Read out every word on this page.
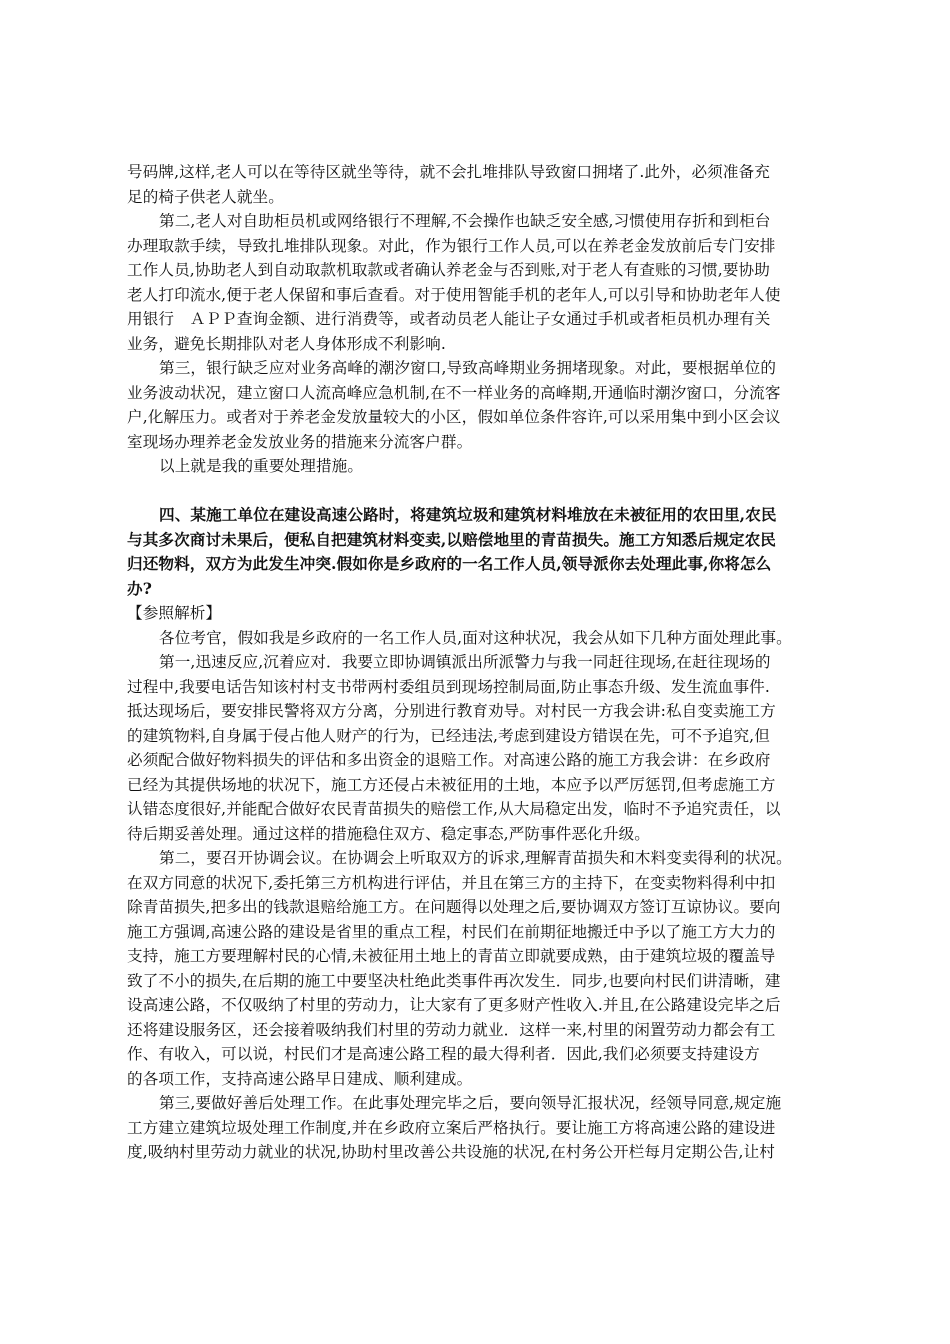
号码牌,这样,老人可以在等待区就坐等待，就不会扎堆排队导致窗口拥堵了.此外，必须准备充
足的椅子供老人就坐。
第二,老人对自助柜员机或网络银行不理解,不会操作也缺乏安全感,习惯使用存折和到柜台
办理取款手续，导致扎堆排队现象。对此，作为银行工作人员,可以在养老金发放前后专门安排
工作人员,协助老人到自动取款机取款或者确认养老金与否到账,对于老人有查账的习惯,要协助
老人打印流水,便于老人保留和事后查看。对于使用智能手机的老年人,可以引导和协助老年人使
用银行　ＡＰＰ查询金额、进行消费等，或者动员老人能让子女通过手机或者柜员机办理有关
业务，避免长期排队对老人身体形成不利影响.
第三，银行缺乏应对业务高峰的潮汐窗口,导致高峰期业务拥堵现象。对此，要根据单位的
业务波动状况，建立窗口人流高峰应急机制,在不一样业务的高峰期,开通临时潮汐窗口，分流客
户,化解压力。或者对于养老金发放量较大的小区，假如单位条件容许,可以采用集中到小区会议
室现场办理养老金发放业务的措施来分流客户群。
以上就是我的重要处理措施。
四、某施工单位在建设高速公路时，将建筑垃圾和建筑材料堆放在未被征用的农田里,农民
与其多次商讨未果后，便私自把建筑材料变卖,以赔偿地里的青苗损失。施工方知悉后规定农民
归还物料，双方为此发生冲突.假如你是乡政府的一名工作人员,领导派你去处理此事,你将怎么
办?
【参照解析】
各位考官，假如我是乡政府的一名工作人员,面对这种状况，我会从如下几种方面处理此事。
第一,迅速反应,沉着应对．我要立即协调镇派出所派警力与我一同赶往现场,在赶往现场的
过程中,我要电话告知该村村支书带两村委组员到现场控制局面,防止事态升级、发生流血事件.
抵达现场后，要安排民警将双方分离，分别进行教育劝导。对村民一方我会讲:私自变卖施工方
的建筑物料,自身属于侵占他人财产的行为，已经违法,考虑到建设方错误在先，可不予追究,但
必须配合做好物料损失的评估和多出资金的退赔工作。对高速公路的施工方我会讲：在乡政府
已经为其提供场地的状况下，施工方还侵占未被征用的土地，本应予以严厉惩罚,但考虑施工方
认错态度很好,并能配合做好农民青苗损失的赔偿工作,从大局稳定出发，临时不予追究责任，以
待后期妥善处理。通过这样的措施稳住双方、稳定事态,严防事件恶化升级。
第二，要召开协调会议。在协调会上听取双方的诉求,理解青苗损失和木料变卖得利的状况。
在双方同意的状况下,委托第三方机构进行评估，并且在第三方的主持下，在变卖物料得利中扣
除青苗损失,把多出的钱款退赔给施工方。在问题得以处理之后,要协调双方签订互谅协议。要向
施工方强调,高速公路的建设是省里的重点工程，村民们在前期征地搬迁中予以了施工方大力的
支持，施工方要理解村民的心情,未被征用土地上的青苗立即就要成熟，由于建筑垃圾的覆盖导
致了不小的损失,在后期的施工中要坚决杜绝此类事件再次发生．同步,也要向村民们讲清晰，建
设高速公路，不仅吸纳了村里的劳动力，让大家有了更多财产性收入.并且,在公路建设完毕之后
还将建设服务区，还会接着吸纳我们村里的劳动力就业．这样一来,村里的闲置劳动力都会有工
作、有收入，可以说，村民们才是高速公路工程的最大得利者．因此,我们必须要支持建设方
的各项工作，支持高速公路早日建成、顺利建成。
第三,要做好善后处理工作。在此事处理完毕之后，要向领导汇报状况，经领导同意,规定施
工方建立建筑垃圾处理工作制度,并在乡政府立案后严格执行。要让施工方将高速公路的建设进
度,吸纳村里劳动力就业的状况,协助村里改善公共设施的状况,在村务公开栏每月定期公告,让村
